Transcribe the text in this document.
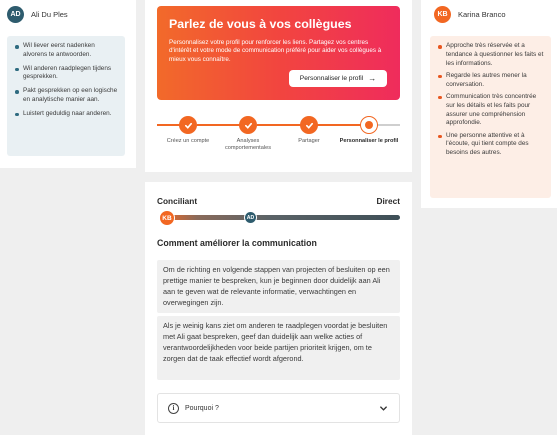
AD	Ali Du Ples
Wil liever eerst nadenken alvorens te antwoorden.
Wil anderen raadplegen tijdens gesprekken.
Pakt gesprekken op een logische en analytische manier aan.
Luistert geduldig naar anderen.
Parlez de vous à vos collègues
Personnalisez votre profil pour renforcer les liens. Partagez vos centres d'intérêt et votre mode de communication préféré pour aider vos collègues à mieux vous connaître.
Personnaliser le profil →
Créez un compte	Analyses comportementales
Partager	Personnaliser le profil
Conciliant	Direct
KB	AD
Comment améliorer la communication
Om de richting en volgende stappen van projecten of besluiten op een prettige manier te bespreken, kun je beginnen door duidelijk aan Ali aan te geven wat de relevante informatie, verwachtingen en overwegingen zijn.
Als je weinig kans ziet om anderen te raadplegen voordat je besluiten met Ali gaat bespreken, geef dan duidelijk aan welke acties of verantwoordelijkheden voor beide partijen prioriteit krijgen, om te zorgen dat de taak effectief wordt afgerond.
i	Pourquoi ?
KB	Karina Branco
Approche très réservée et a tendance à questionner les faits et les informations.
Regarde les autres mener la conversation.
Communication très concentrée sur les détails et les faits pour assurer une compréhension approfondie.
Une personne attentive et à l'écoute, qui tient compte des besoins des autres.
